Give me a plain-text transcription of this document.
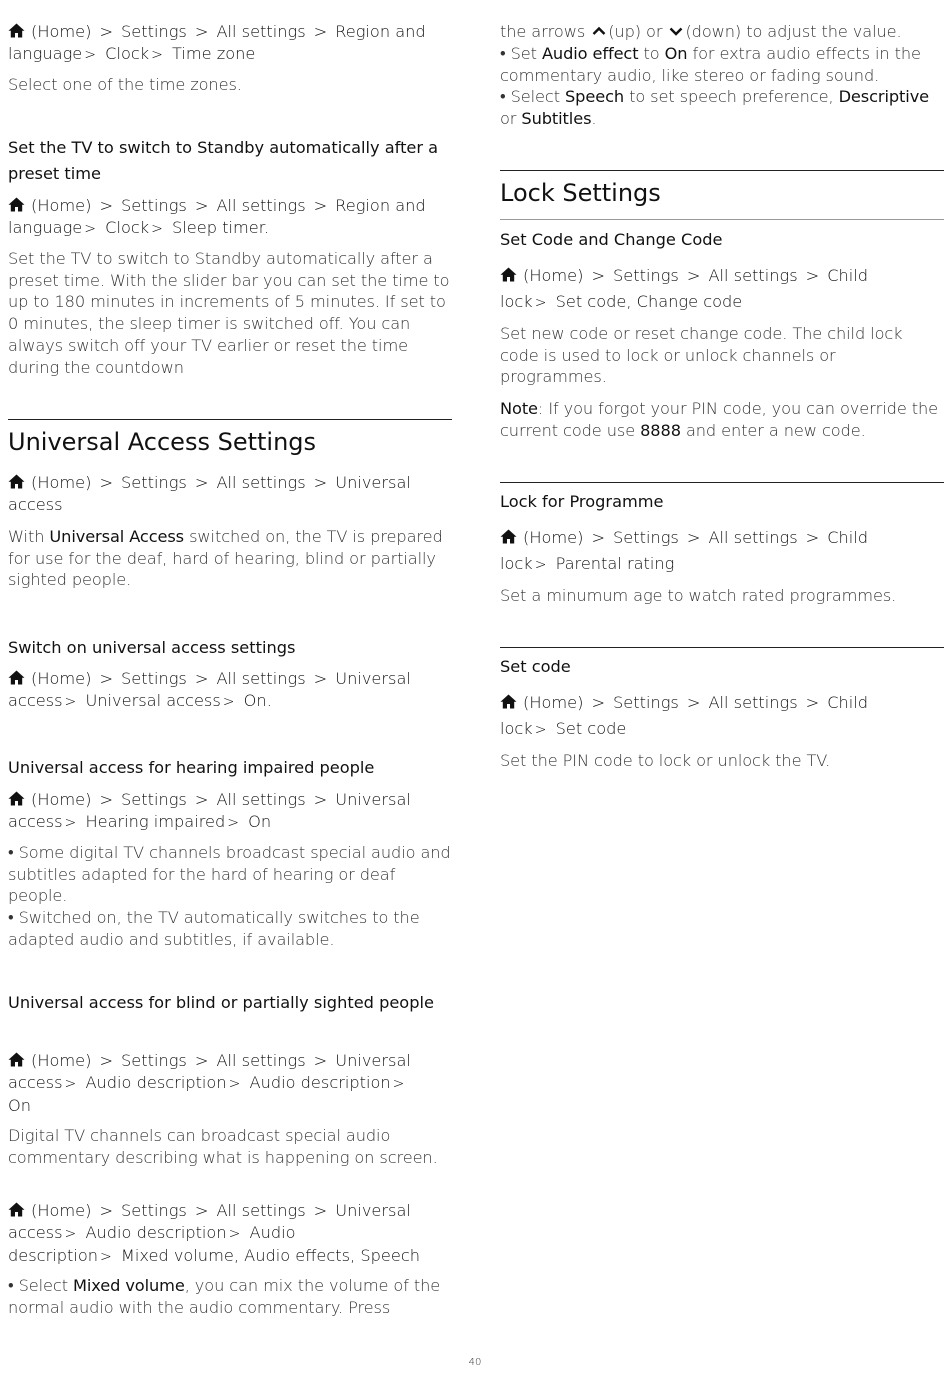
(Home) > Settings > All settings > Region and
language > Clock > Time zone
Select one of the time zones.
Set the TV to switch to Standby automatically after a preset time
(Home) > Settings > All settings > Region and
language > Clock > Sleep timer.
Set the TV to switch to Standby automatically after a preset time. With the slider bar you can set the time to up to 180 minutes in increments of 5 minutes. If set to 0 minutes, the sleep timer is switched off. You can always switch off your TV earlier or reset the time during the countdown
Universal Access Settings
(Home) > Settings > All settings > Universal
access
With Universal Access switched on, the TV is prepared for use for the deaf, hard of hearing, blind or partially sighted people.
Switch on universal access settings
(Home) > Settings > All settings > Universal
access > Universal access > On.
Universal access for hearing impaired people
(Home) > Settings > All settings > Universal
access > Hearing impaired > On
• Some digital TV channels broadcast special audio and subtitles adapted for the hard of hearing or deaf people.
• Switched on, the TV automatically switches to the adapted audio and subtitles, if available.
Universal access for blind or partially sighted people
(Home) > Settings > All settings > Universal
access > Audio description > Audio description >
On
Digital TV channels can broadcast special audio commentary describing what is happening on screen.
(Home) > Settings > All settings > Universal
access > Audio description > Audio
description > Mixed volume, Audio effects, Speech
• Select Mixed volume, you can mix the volume of the normal audio with the audio commentary. Press
the arrows (up) or (down) to adjust the value.
• Set Audio effect to On for extra audio effects in the commentary audio, like stereo or fading sound.
• Select Speech to set speech preference, Descriptive or Subtitles.
Lock Settings
Set Code and Change Code
(Home) > Settings > All settings > Child
lock > Set code, Change code
Set new code or reset change code. The child lock code is used to lock or unlock channels or programmes.
Note: If you forgot your PIN code, you can override the current code use 8888 and enter a new code.
Lock for Programme
(Home) > Settings > All settings > Child
lock > Parental rating
Set a minumum age to watch rated programmes.
Set code
(Home) > Settings > All settings > Child
lock > Set code
Set the PIN code to lock or unlock the TV.
40
